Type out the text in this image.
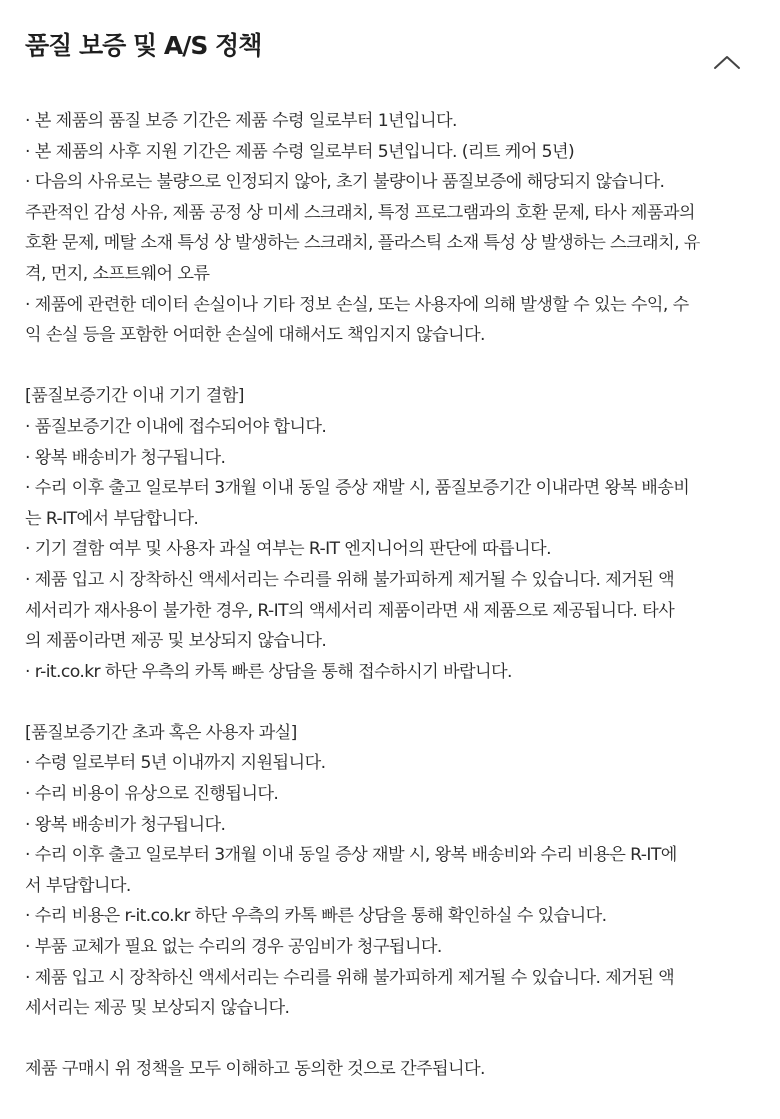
품질 보증 및 A/S 정책
· 본 제품의 품질 보증 기간은 제품 수령 일로부터 1년입니다.
· 본 제품의 사후 지원 기간은 제품 수령 일로부터 5년입니다. (리트 케어 5년)
· 다음의 사유로는 불량으로 인정되지 않아, 초기 불량이나 품질보증에 해당되지 않습니다.
주관적인 감성 사유, 제품 공정 상 미세 스크래치, 특정 프로그램과의 호환 문제, 타사 제품과의
호환 문제, 메탈 소재 특성 상 발생하는 스크래치, 플라스틱 소재 특성 상 발생하는 스크래치, 유
격, 먼지, 소프트웨어 오류
· 제품에 관련한 데이터 손실이나 기타 정보 손실, 또는 사용자에 의해 발생할 수 있는 수익, 수
익 손실 등을 포함한 어떠한 손실에 대해서도 책임지지 않습니다.
[품질보증기간 이내 기기 결함]
· 품질보증기간 이내에 접수되어야 합니다.
· 왕복 배송비가 청구됩니다.
· 수리 이후 출고 일로부터 3개월 이내 동일 증상 재발 시, 품질보증기간 이내라면 왕복 배송비
는 R-IT에서 부담합니다.
· 기기 결함 여부 및 사용자 과실 여부는 R-IT 엔지니어의 판단에 따릅니다.
· 제품 입고 시 장착하신 액세서리는 수리를 위해 불가피하게 제거될 수 있습니다. 제거된 액
세서리가 재사용이 불가한 경우, R-IT의 액세서리 제품이라면 새 제품으로 제공됩니다. 타사
의 제품이라면 제공 및 보상되지 않습니다.
· r-it.co.kr 하단 우측의 카톡 빠른 상담을 통해 접수하시기 바랍니다.
[품질보증기간 초과 혹은 사용자 과실]
· 수령 일로부터 5년 이내까지 지원됩니다.
· 수리 비용이 유상으로 진행됩니다.
· 왕복 배송비가 청구됩니다.
· 수리 이후 출고 일로부터 3개월 이내 동일 증상 재발 시, 왕복 배송비와 수리 비용은 R-IT에
서 부담합니다.
· 수리 비용은 r-it.co.kr 하단 우측의 카톡 빠른 상담을 통해 확인하실 수 있습니다.
· 부품 교체가 필요 없는 수리의 경우 공임비가 청구됩니다.
· 제품 입고 시 장착하신 액세서리는 수리를 위해 불가피하게 제거될 수 있습니다. 제거된 액
세서리는 제공 및 보상되지 않습니다.
제품 구매시 위 정책을 모두 이해하고 동의한 것으로 간주됩니다.
